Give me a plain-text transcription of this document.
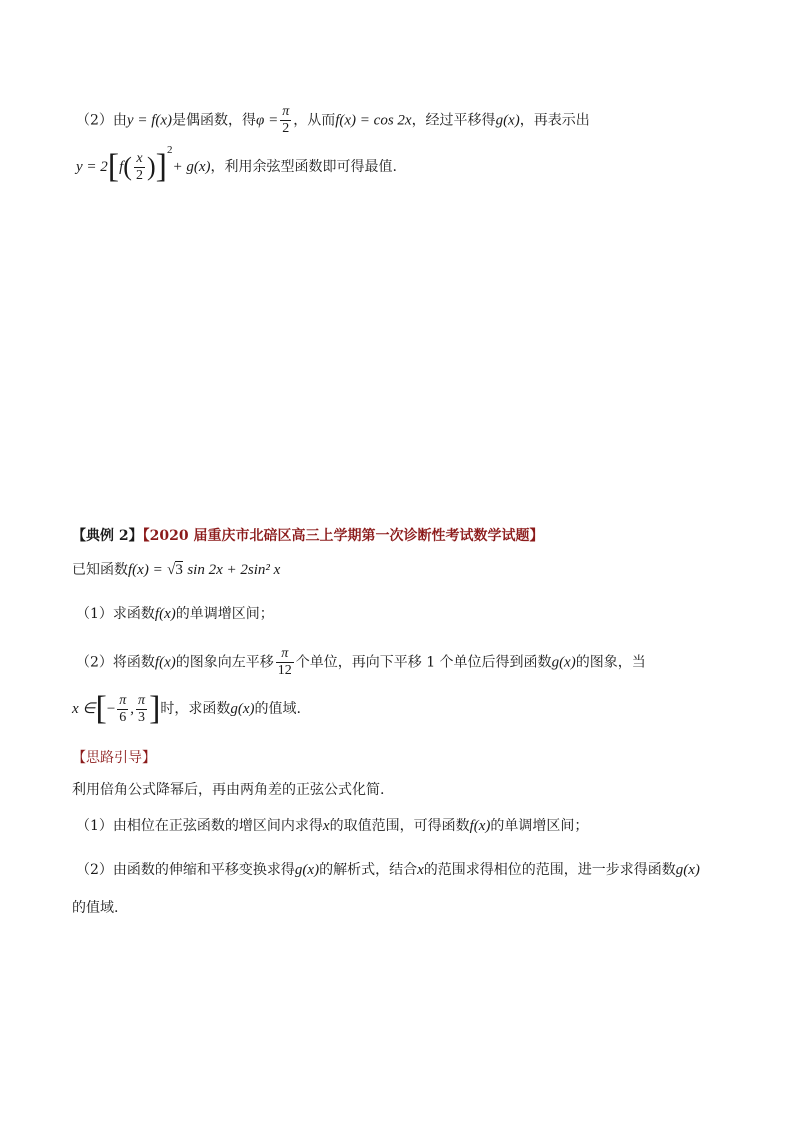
（2）由y = f(x)是偶函数，得$\varphi = \frac{\pi}{2}$ ，从而f(x) = cos 2x，经过平移得g(x)，再表示出
$y = 2[f( \frac{x}{2} )]^2+ g(x)$，利用余弦型函数即可得最值.
【典例 2】【2020 届重庆市北碚区高三上学期第一次诊断性考试数学试题】
已知函数f(x) = √3 sin 2x + 2sin² x
（1）求函数f(x)的单调增区间；
（2）将函数f(x)的图象向左平移 $\frac{\pi}{12}$ 个单位，再向下平移 1 个单位后得到函数g(x)的图象，当
x ∈[− $\frac{\pi}{6}$ , $\frac{\pi}{3}$ ]时，求函数g(x)的值域.
【思路引导】
利用倍角公式降幂后，再由两角差的正弦公式化简.
（1）由相位在正弦函数的增区间内求得x的取值范围，可得函数f(x)的单调增区间；
（2）由函数的伸缩和平移变换求得g(x)的解析式，结合x的范围求得相位的范围，进一步求得函数g(x)
的值域.
